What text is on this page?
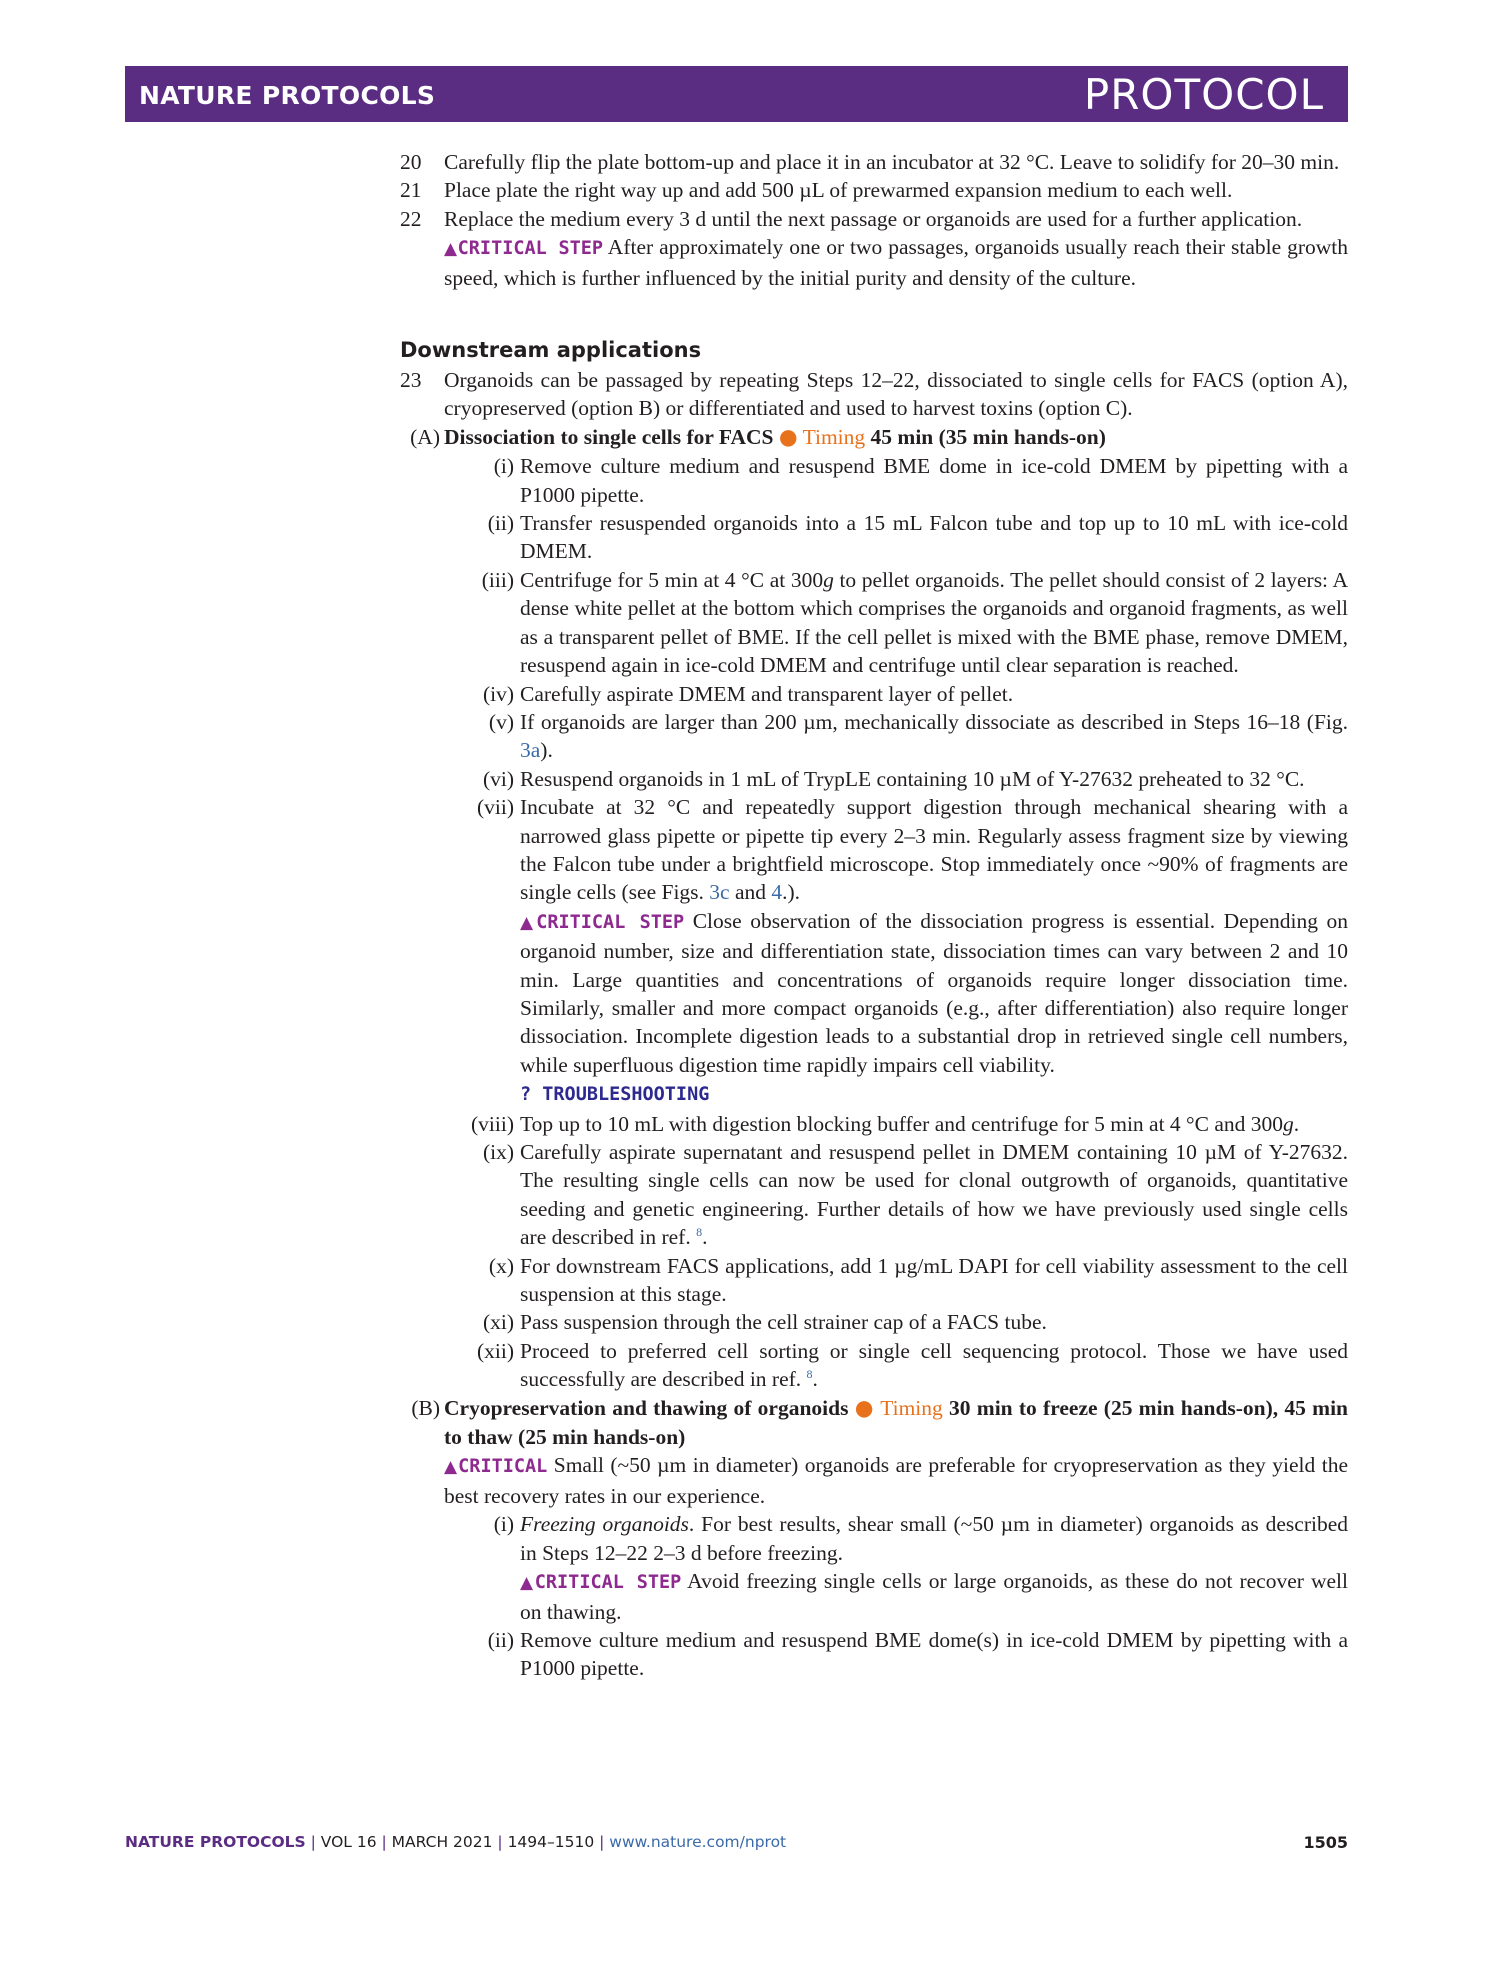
NATURE PROTOCOLS	PROTOCOL
20	Carefully flip the plate bottom-up and place it in an incubator at 32 °C. Leave to solidify for 20–30 min.
21	Place plate the right way up and add 500 µL of prewarmed expansion medium to each well.
22	Replace the medium every 3 d until the next passage or organoids are used for a further application.
▲CRITICAL STEP After approximately one or two passages, organoids usually reach their stable growth speed, which is further influenced by the initial purity and density of the culture.
Downstream applications
23	Organoids can be passaged by repeating Steps 12–22, dissociated to single cells for FACS (option A), cryopreserved (option B) or differentiated and used to harvest toxins (option C).
(A) Dissociation to single cells for FACS ● Timing 45 min (35 min hands-on)
(i) Remove culture medium and resuspend BME dome in ice-cold DMEM by pipetting with a P1000 pipette.
(ii) Transfer resuspended organoids into a 15 mL Falcon tube and top up to 10 mL with ice-cold DMEM.
(iii) Centrifuge for 5 min at 4 °C at 300g to pellet organoids. The pellet should consist of 2 layers: A dense white pellet at the bottom which comprises the organoids and organoid fragments, as well as a transparent pellet of BME. If the cell pellet is mixed with the BME phase, remove DMEM, resuspend again in ice-cold DMEM and centrifuge until clear separation is reached.
(iv) Carefully aspirate DMEM and transparent layer of pellet.
(v) If organoids are larger than 200 µm, mechanically dissociate as described in Steps 16–18 (Fig. 3a).
(vi) Resuspend organoids in 1 mL of TrypLE containing 10 µM of Y-27632 preheated to 32 °C.
(vii) Incubate at 32 °C and repeatedly support digestion through mechanical shearing with a narrowed glass pipette or pipette tip every 2–3 min. Regularly assess fragment size by viewing the Falcon tube under a brightfield microscope. Stop immediately once ~90% of fragments are single cells (see Figs. 3c and 4.).
▲CRITICAL STEP Close observation of the dissociation progress is essential. Depending on organoid number, size and differentiation state, dissociation times can vary between 2 and 10 min. Large quantities and concentrations of organoids require longer dissociation time. Similarly, smaller and more compact organoids (e.g., after differentiation) also require longer dissociation. Incomplete digestion leads to a substantial drop in retrieved single cell numbers, while superfluous digestion time rapidly impairs cell viability.
? TROUBLESHOOTING
(viii) Top up to 10 mL with digestion blocking buffer and centrifuge for 5 min at 4 °C and 300g.
(ix) Carefully aspirate supernatant and resuspend pellet in DMEM containing 10 µM of Y-27632. The resulting single cells can now be used for clonal outgrowth of organoids, quantitative seeding and genetic engineering. Further details of how we have previously used single cells are described in ref. $^8$.
(x) For downstream FACS applications, add 1 µg/mL DAPI for cell viability assessment to the cell suspension at this stage.
(xi) Pass suspension through the cell strainer cap of a FACS tube.
(xii) Proceed to preferred cell sorting or single cell sequencing protocol. Those we have used successfully are described in ref. $^8$.
(B) Cryopreservation and thawing of organoids ● Timing 30 min to freeze (25 min hands-on), 45 min to thaw (25 min hands-on)
▲CRITICAL Small (~50 µm in diameter) organoids are preferable for cryopreservation as they yield the best recovery rates in our experience.
(i) Freezing organoids. For best results, shear small (~50 µm in diameter) organoids as described in Steps 12–22 2–3 d before freezing.
▲CRITICAL STEP Avoid freezing single cells or large organoids, as these do not recover well on thawing.
(ii) Remove culture medium and resuspend BME dome(s) in ice-cold DMEM by pipetting with a P1000 pipette.
NATURE PROTOCOLS | VOL 16 | MARCH 2021 | 1494–1510 | www.nature.com/nprot	1505
